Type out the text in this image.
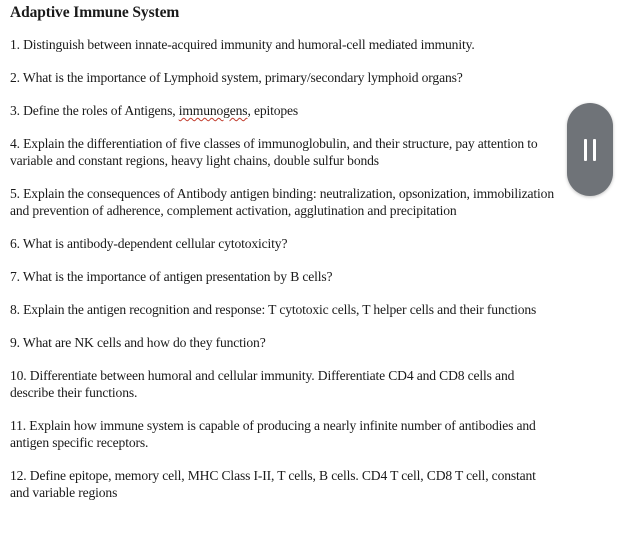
Adaptive Immune System
1. Distinguish between innate-acquired immunity and humoral-cell mediated immunity.
2. What is the importance of Lymphoid system, primary/secondary lymphoid organs?
3. Define the roles of Antigens, immunogens, epitopes
4. Explain the differentiation of five classes of immunoglobulin, and their structure, pay attention to variable and constant regions, heavy light chains, double sulfur bonds
5. Explain the consequences of Antibody antigen binding: neutralization, opsonization, immobilization and prevention of adherence, complement activation, agglutination and precipitation
6. What is antibody-dependent cellular cytotoxicity?
7. What is the importance of antigen presentation by B cells?
8. Explain the antigen recognition and response: T cytotoxic cells, T helper cells and their functions
9. What are NK cells and how do they function?
10. Differentiate between humoral and cellular immunity. Differentiate CD4 and CD8 cells and describe their functions.
11. Explain how immune system is capable of producing a nearly infinite number of antibodies and antigen specific receptors.
12. Define epitope, memory cell, MHC Class I-II, T cells, B cells. CD4 T cell, CD8 T cell, constant and variable regions
